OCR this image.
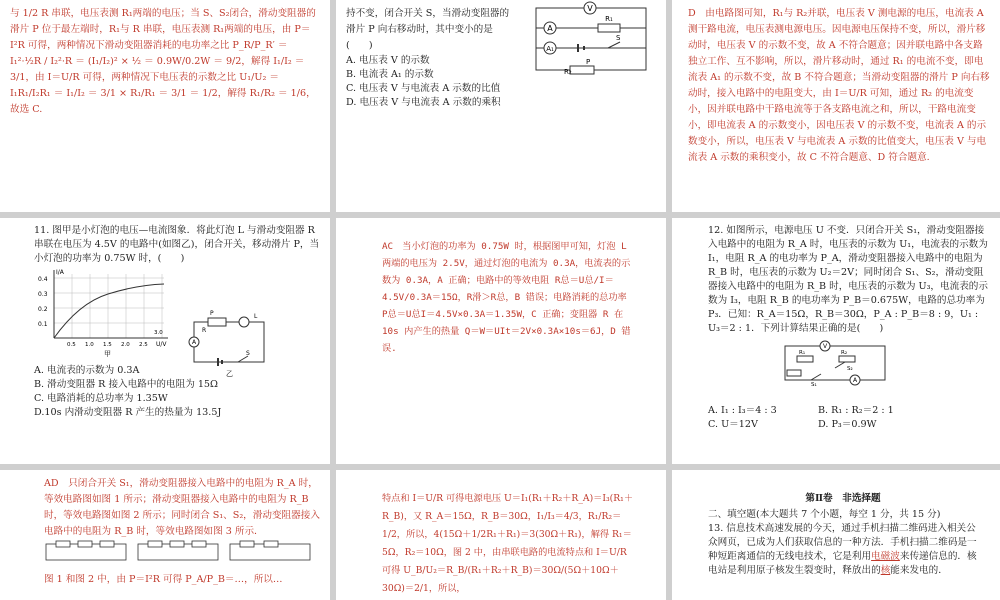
与 1/2 R 串联，电压表测 R₁两端的电压；当 S、S₂闭合，滑动变阻器的滑片 P 位于最左端时，R₁与 R 串联，电压表测 R₁两端的电压，由 P＝I²R 可得，两种情况下滑动变阻器消耗的电功率之比 P_R/P_R′ ＝ I₁²·½R / I₂²·R ＝ (I₁/I₂)² × ½ ＝ 0.9W/0.2W ＝ 9/2，解得 I₁/I₂ ＝ 3/1，由 I＝U/R 可得，两种情况下电压表的示数之比 U₁/U₂ ＝ I₁R₁/I₂R₁ ＝ I₁/I₂ ＝ 3/1 × R₁/R₁ ＝ 3/1 ＝ 1/2，解得 R₁/R₂ ＝ 1/6，故选 C.

持不变，闭合开关 S，当滑动变阻器的滑片 P 向右移动时，其中变小的是(　　)

A. 电压表 V 的示数

B. 电流表 A₁ 的示数

C. 电压表 V 与电流表 A 示数的比值

D. 电压表 V 与电流表 A 示数的乘积

V
A
R₁
A₁
S
R₂
P

D　由电路图可知，R₁与 R₂并联，电压表 V 测电源的电压，电流表 A 测干路电流，电压表测电源电压。因电源电压保持不变，所以，滑片移动时，电压表 V 的示数不变，故 A 不符合题意；因并联电路中各支路独立工作、互不影响，所以，滑片移动时，通过 R₁ 的电流不变，即电流表 A₁ 的示数不变，故 B 不符合题意；当滑动变阻器的滑片 P 向右移动时，接入电路中的电阻变大，由 I＝U/R 可知，通过 R₂ 的电流变小，因并联电路中干路电流等于各支路电流之和，所以，干路电流变小，即电流表 A 的示数变小，因电压表 V 的示数不变，电流表 A 的示数变小，所以，电压表 V 与电流表 A 示数的比值变大，电压表 V 与电流表 A 示数的乘积变小，故 C 不符合题意、D 符合题意.

11. 图甲是小灯泡的电压—电流图象．将此灯泡 L 与滑动变阻器 R 串联在电压为 4.5V 的电路中(如图乙)，闭合开关，移动滑片 P，当小灯泡的功率为 0.75W 时，(　　)

I/A
U/V
0.1
0.2
0.3
0.4
0.5 1.0 1.5 2.0 2.5
3.0
甲
P
R
L
A
S
乙

A. 电流表的示数为 0.3A

B. 滑动变阻器 R 接入电路中的电阻为 15Ω

C. 电路消耗的总功率为 1.35W

D.10s 内滑动变阻器 R 产生的热量为 13.5J

AC　当小灯泡的功率为 0.75W 时，根据图甲可知，灯泡 L 两端的电压为 2.5V，通过灯泡的电流为 0.3A，电流表的示数为 0.3A，A 正确；电路中的等效电阻 R总＝U总/I＝4.5V/0.3A＝15Ω，R滑＞R总，B 错误；电路消耗的总功率 P总＝U总I＝4.5V×0.3A＝1.35W，C 正确；变阻器 R 在 10s 内产生的热量 Q＝W＝UIt＝2V×0.3A×10s＝6J，D 错误.

12. 如图所示，电源电压 U 不变．只闭合开关 S₁，滑动变阻器接入电路中的电阻为 R_A 时，电压表的示数为 U₁，电流表的示数为 I₁，电阻 R_A 的电功率为 P_A，滑动变阻器接入电路中的电阻为 R_B 时，电压表的示数为 U₂＝2V；同时闭合 S₁、S₂，滑动变阻器接入电路中的电阻为 R_B 时，电压表的示数为 U₃，电流表的示数为 I₃，电阻 R_B 的电功率为 P_B＝0.675W，电路的总功率为 P₃．已知：R_A＝15Ω，R_B＝30Ω，P_A : P_B＝8 : 9，U₁ : U₃＝2 : 1．下列计算结果正确的是(　　)

V
R₁	R₂
S₁
S₂
A

A. I₁ : I₃＝4 : 3	B. R₁ : R₂＝2 : 1

C. U＝12V	D. P₃＝0.9W

AD　只闭合开关 S₁，滑动变阻器接入电路中的电阻为 R_A 时，等效电路图如图 1 所示；滑动变阻器接入电路中的电阻为 R_B 时，等效电路图如图 2 所示；同时闭合 S₁、S₂，滑动变阻器接入电路中的电阻为 R_B 时，等效电路图如图 3 所示．

图 1 和图 2 中，由 P＝I²R 可得 P_A/P_B＝…，所以…

特点和 I＝U/R 可得电源电压 U＝I₁(R₁＋R₂＋R_A)＝I₃(R₁＋R_B)，又 R_A＝15Ω，R_B＝30Ω，I₁/I₃＝4/3，R₁/R₂＝1/2，所以，4(15Ω＋1/2R₁＋R₁)＝3(30Ω＋R₁)，解得 R₁＝5Ω，R₂＝10Ω，图 2 中，由串联电路的电流特点和 I＝U/R 可得 U_B/U₂＝R_B/(R₁＋R₂＋R_B)＝30Ω/(5Ω＋10Ω＋30Ω)＝2/1，所以，

第Ⅱ卷　非选择题

二、填空题(本大题共 7 个小题，每空 1 分，共 15 分)

13. 信息技术高速发展的今天，通过手机扫描二维码进入相关公众网页，已成为人们获取信息的一种方法．手机扫描二维码是一种短距离通信的无线电技术，它是利用电磁波来传递信息的．核电站是利用原子核发生裂变时，释放出的核能来发电的．
